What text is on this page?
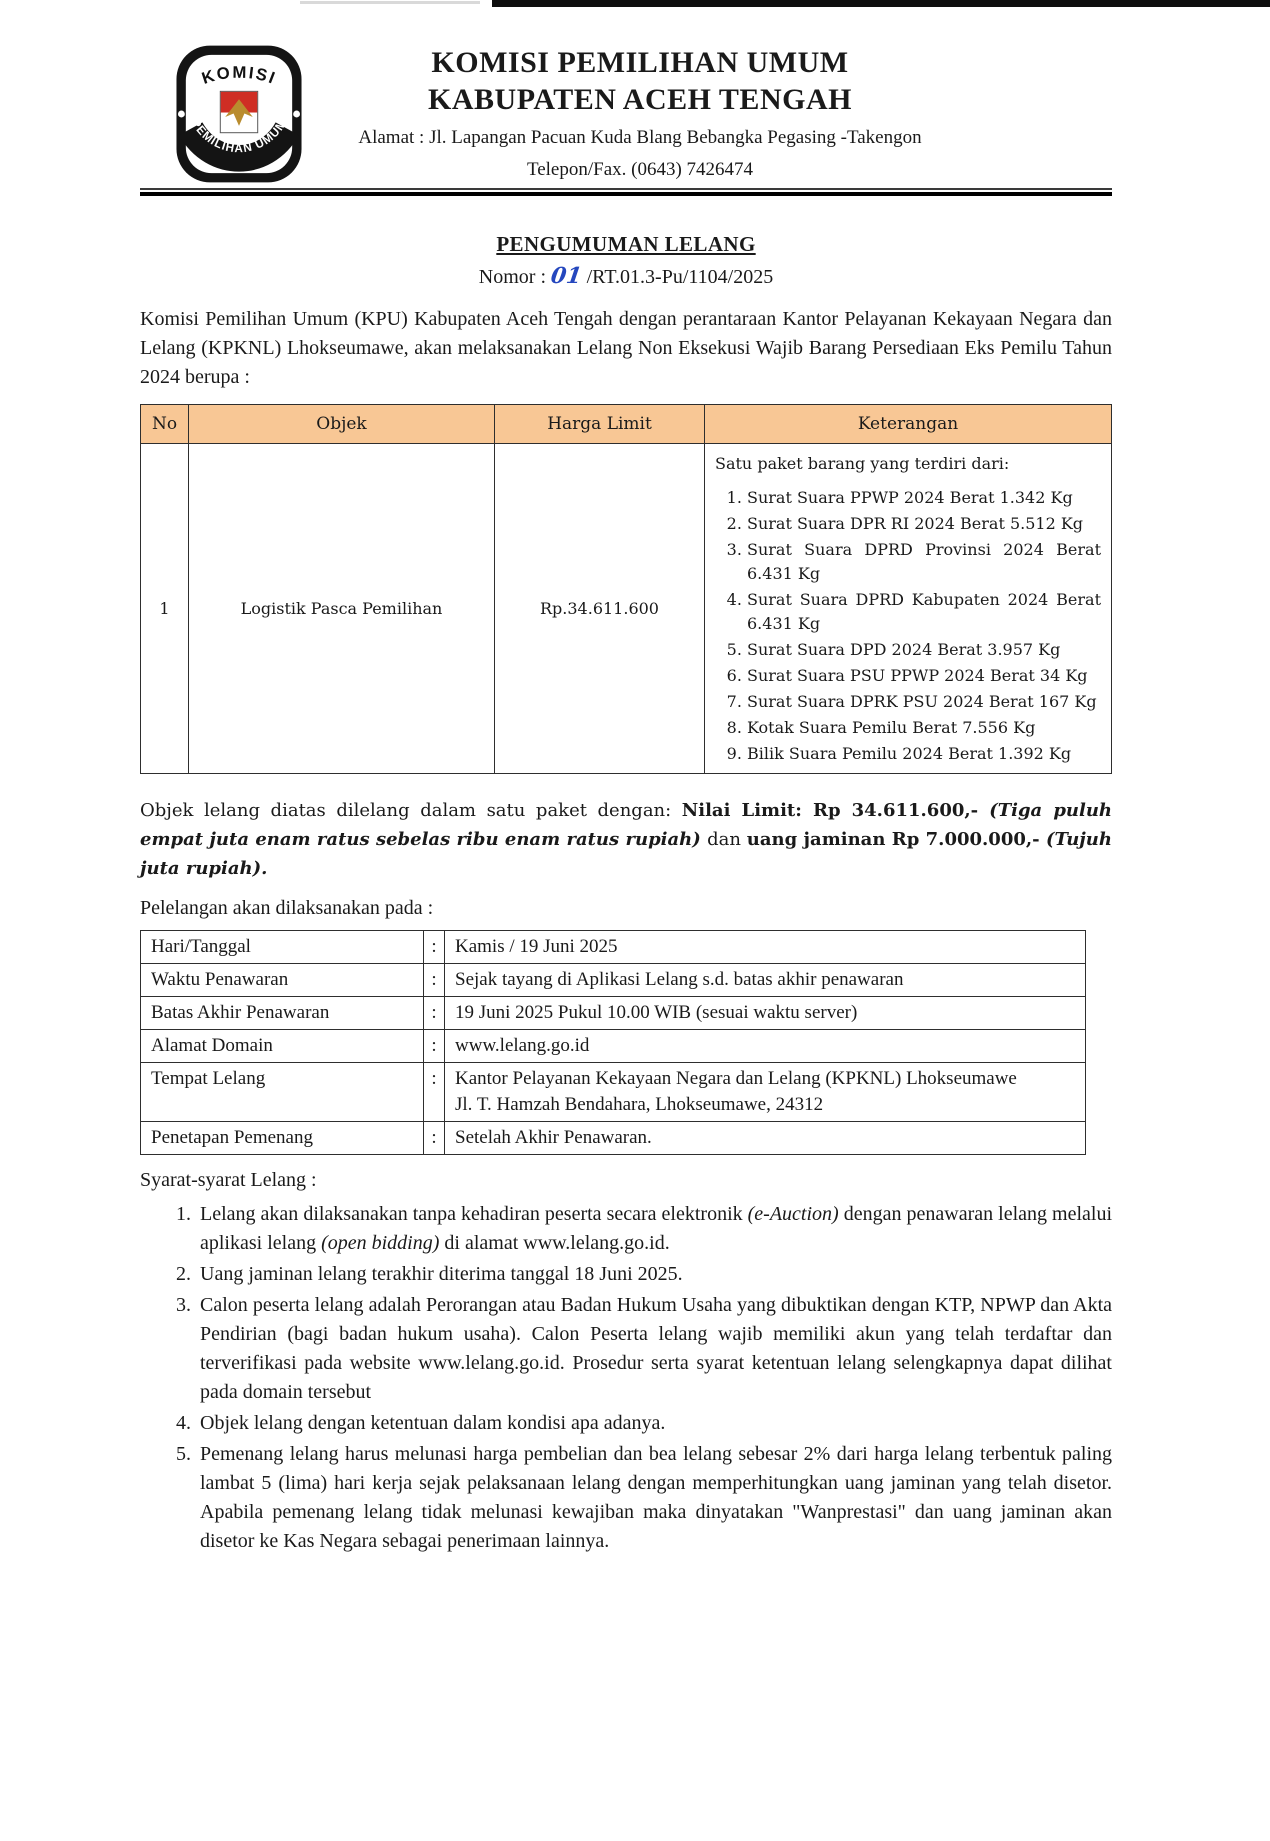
KOMISI
PEMILIHAN UMUM
KOMISI PEMILIHAN UMUM
KABUPATEN ACEH TENGAH
Alamat : Jl. Lapangan Pacuan Kuda Blang Bebangka Pegasing -Takengon
Telepon/Fax. (0643) 7426474
PENGUMUMAN LELANG
Nomor : 01 /RT.01.3-Pu/1104/2025

Komisi Pemilihan Umum (KPU) Kabupaten Aceh Tengah dengan perantaraan Kantor Pelayanan Kekayaan Negara dan Lelang (KPKNL) Lhokseumawe, akan melaksanakan Lelang Non Eksekusi Wajib Barang Persediaan Eks Pemilu Tahun 2024 berupa :

No	Objek	Harga Limit	Keterangan
1	Logistik Pasca Pemilihan	Rp.34.611.600	
Satu paket barang yang terdiri dari:
1. Surat Suara PPWP 2024 Berat 1.342 Kg
2. Surat Suara DPR RI 2024 Berat 5.512 Kg
3. Surat Suara DPRD Provinsi 2024 Berat 6.431 Kg
4. Surat Suara DPRD Kabupaten 2024 Berat 6.431 Kg
5. Surat Suara DPD 2024 Berat 3.957 Kg
6. Surat Suara PSU PPWP 2024 Berat 34 Kg
7. Surat Suara DPRK PSU 2024 Berat 167 Kg
8. Kotak Suara Pemilu Berat 7.556 Kg
9. Bilik Suara Pemilu 2024 Berat 1.392 Kg

Objek lelang diatas dilelang dalam satu paket dengan: Nilai Limit: Rp 34.611.600,- (Tiga puluh empat juta enam ratus sebelas ribu enam ratus rupiah) dan uang jaminan Rp 7.000.000,- (Tujuh juta rupiah).

Pelelangan akan dilaksanakan pada :
Hari/Tanggal	:	Kamis / 19 Juni 2025

Waktu Penawaran	:	Sejak tayang di Aplikasi Lelang s.d. batas akhir penawaran

Batas Akhir Penawaran	:	19 Juni 2025 Pukul 10.00 WIB (sesuai waktu server)

Alamat Domain	:	www.lelang.go.id

Tempat Lelang	:	Kantor Pelayanan Kekayaan Negara dan Lelang (KPKNL) Lhokseumawe
Jl. T. Hamzah Bendahara, Lhokseumawe, 24312

Penetapan Pemenang	:	Setelah Akhir Penawaran.
Syarat-syarat Lelang :
1. Lelang akan dilaksanakan tanpa kehadiran peserta secara elektronik (e-Auction) dengan penawaran lelang melalui aplikasi lelang (open bidding) di alamat www.lelang.go.id.
2. Uang jaminan lelang terakhir diterima tanggal 18 Juni 2025.
3. Calon peserta lelang adalah Perorangan atau Badan Hukum Usaha yang dibuktikan dengan KTP, NPWP dan Akta Pendirian (bagi badan hukum usaha). Calon Peserta lelang wajib memiliki akun yang telah terdaftar dan terverifikasi pada website www.lelang.go.id. Prosedur serta syarat ketentuan lelang selengkapnya dapat dilihat pada domain tersebut
4. Objek lelang dengan ketentuan dalam kondisi apa adanya.
5. Pemenang lelang harus melunasi harga pembelian dan bea lelang sebesar 2% dari harga lelang terbentuk paling lambat 5 (lima) hari kerja sejak pelaksanaan lelang dengan memperhitungkan uang jaminan yang telah disetor. Apabila pemenang lelang tidak melunasi kewajiban maka dinyatakan "Wanprestasi" dan uang jaminan akan disetor ke Kas Negara sebagai penerimaan lainnya.
